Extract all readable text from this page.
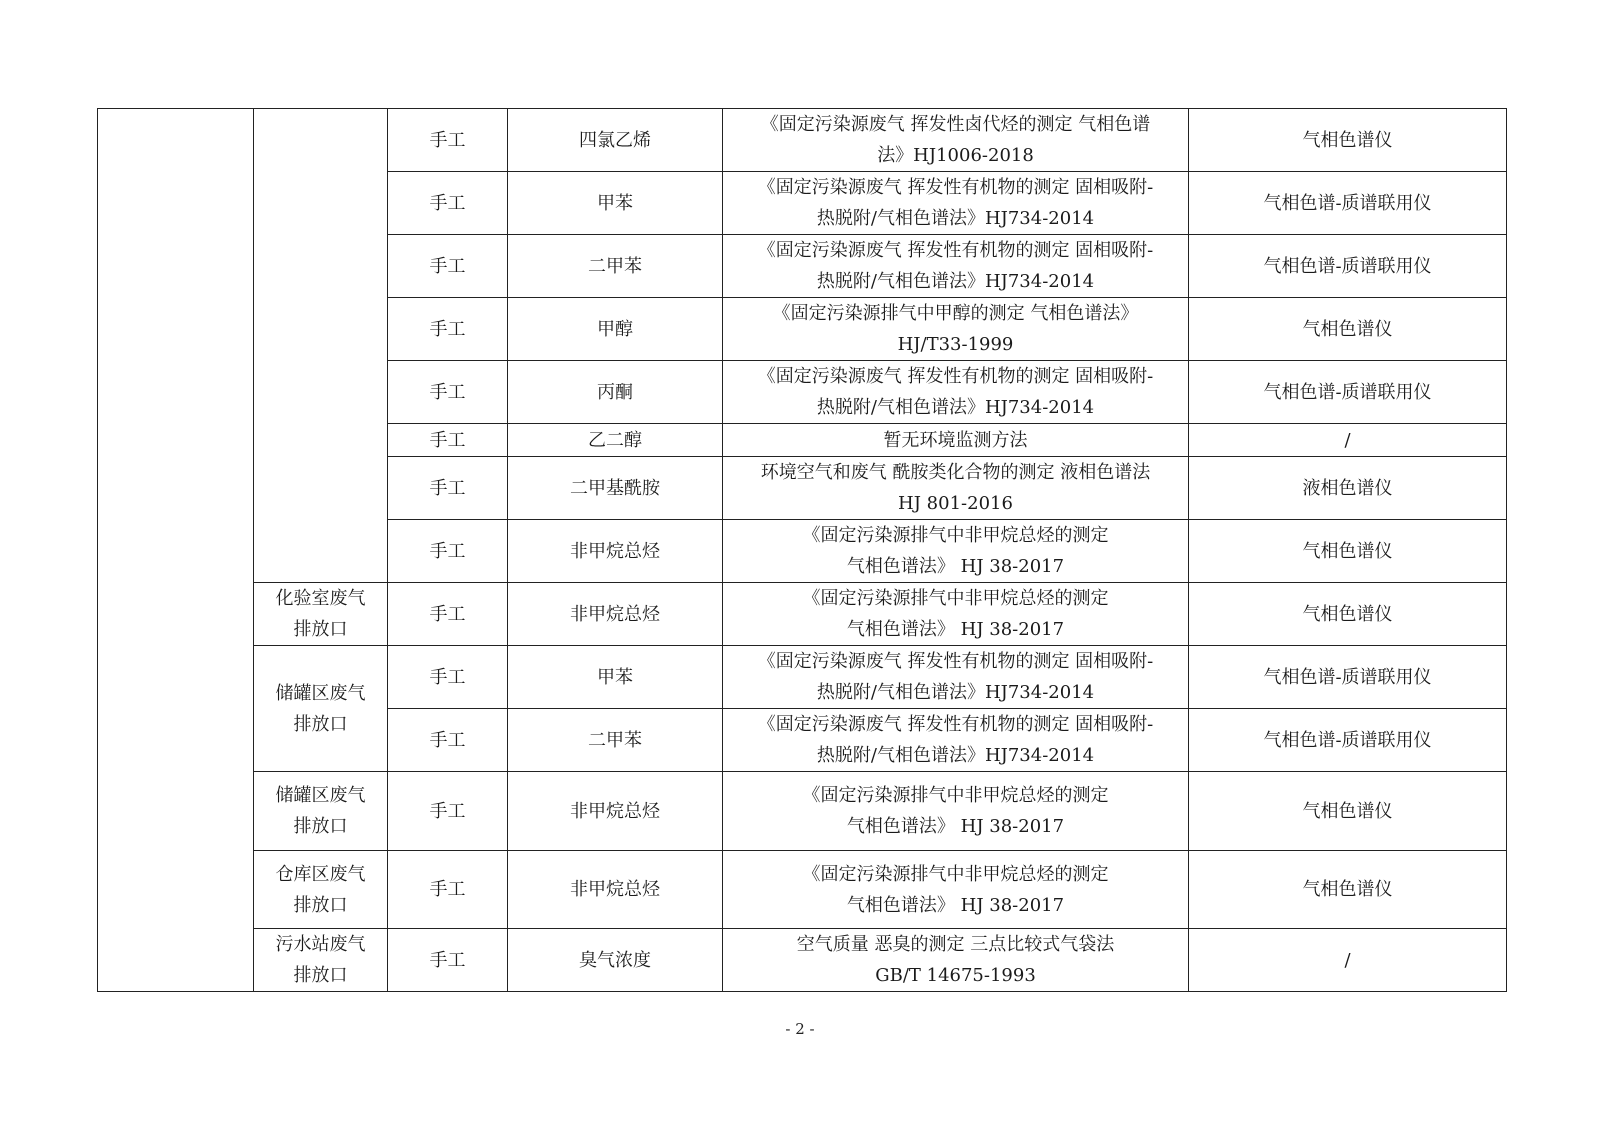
		手工	四氯乙烯	《固定污染源废气 挥发性卤代烃的测定 气相色谱
法》HJ1006-2018	气相色谱仪
		手工	甲苯	《固定污染源废气 挥发性有机物的测定 固相吸附-
热脱附/气相色谱法》HJ734-2014	气相色谱-质谱联用仪
		手工	二甲苯	《固定污染源废气 挥发性有机物的测定 固相吸附-
热脱附/气相色谱法》HJ734-2014	气相色谱-质谱联用仪
		手工	甲醇	《固定污染源排气中甲醇的测定 气相色谱法》
HJ/T33-1999	气相色谱仪
		手工	丙酮	《固定污染源废气 挥发性有机物的测定 固相吸附-
热脱附/气相色谱法》HJ734-2014	气相色谱-质谱联用仪
		手工	乙二醇	暂无环境监测方法	/
		手工	二甲基酰胺	环境空气和废气 酰胺类化合物的测定 液相色谱法
HJ 801-2016	液相色谱仪
		手工	非甲烷总烃	《固定污染源排气中非甲烷总烃的测定
气相色谱法》 HJ 38-2017	气相色谱仪

	化验室废气
排放口	手工	非甲烷总烃	《固定污染源排气中非甲烷总烃的测定
气相色谱法》 HJ 38-2017	气相色谱仪

	储罐区废气
排放口	手工	甲苯	《固定污染源废气 挥发性有机物的测定 固相吸附-
热脱附/气相色谱法》HJ734-2014	气相色谱-质谱联用仪
		手工	二甲苯	《固定污染源废气 挥发性有机物的测定 固相吸附-
热脱附/气相色谱法》HJ734-2014	气相色谱-质谱联用仪

	储罐区废气
排放口	手工	非甲烷总烃	《固定污染源排气中非甲烷总烃的测定
气相色谱法》 HJ 38-2017	气相色谱仪

	仓库区废气
排放口	手工	非甲烷总烃	《固定污染源排气中非甲烷总烃的测定
气相色谱法》 HJ 38-2017	气相色谱仪

	污水站废气
排放口	手工	臭气浓度	空气质量 恶臭的测定 三点比较式气袋法
GB/T 14675-1993	/
- 2 -
